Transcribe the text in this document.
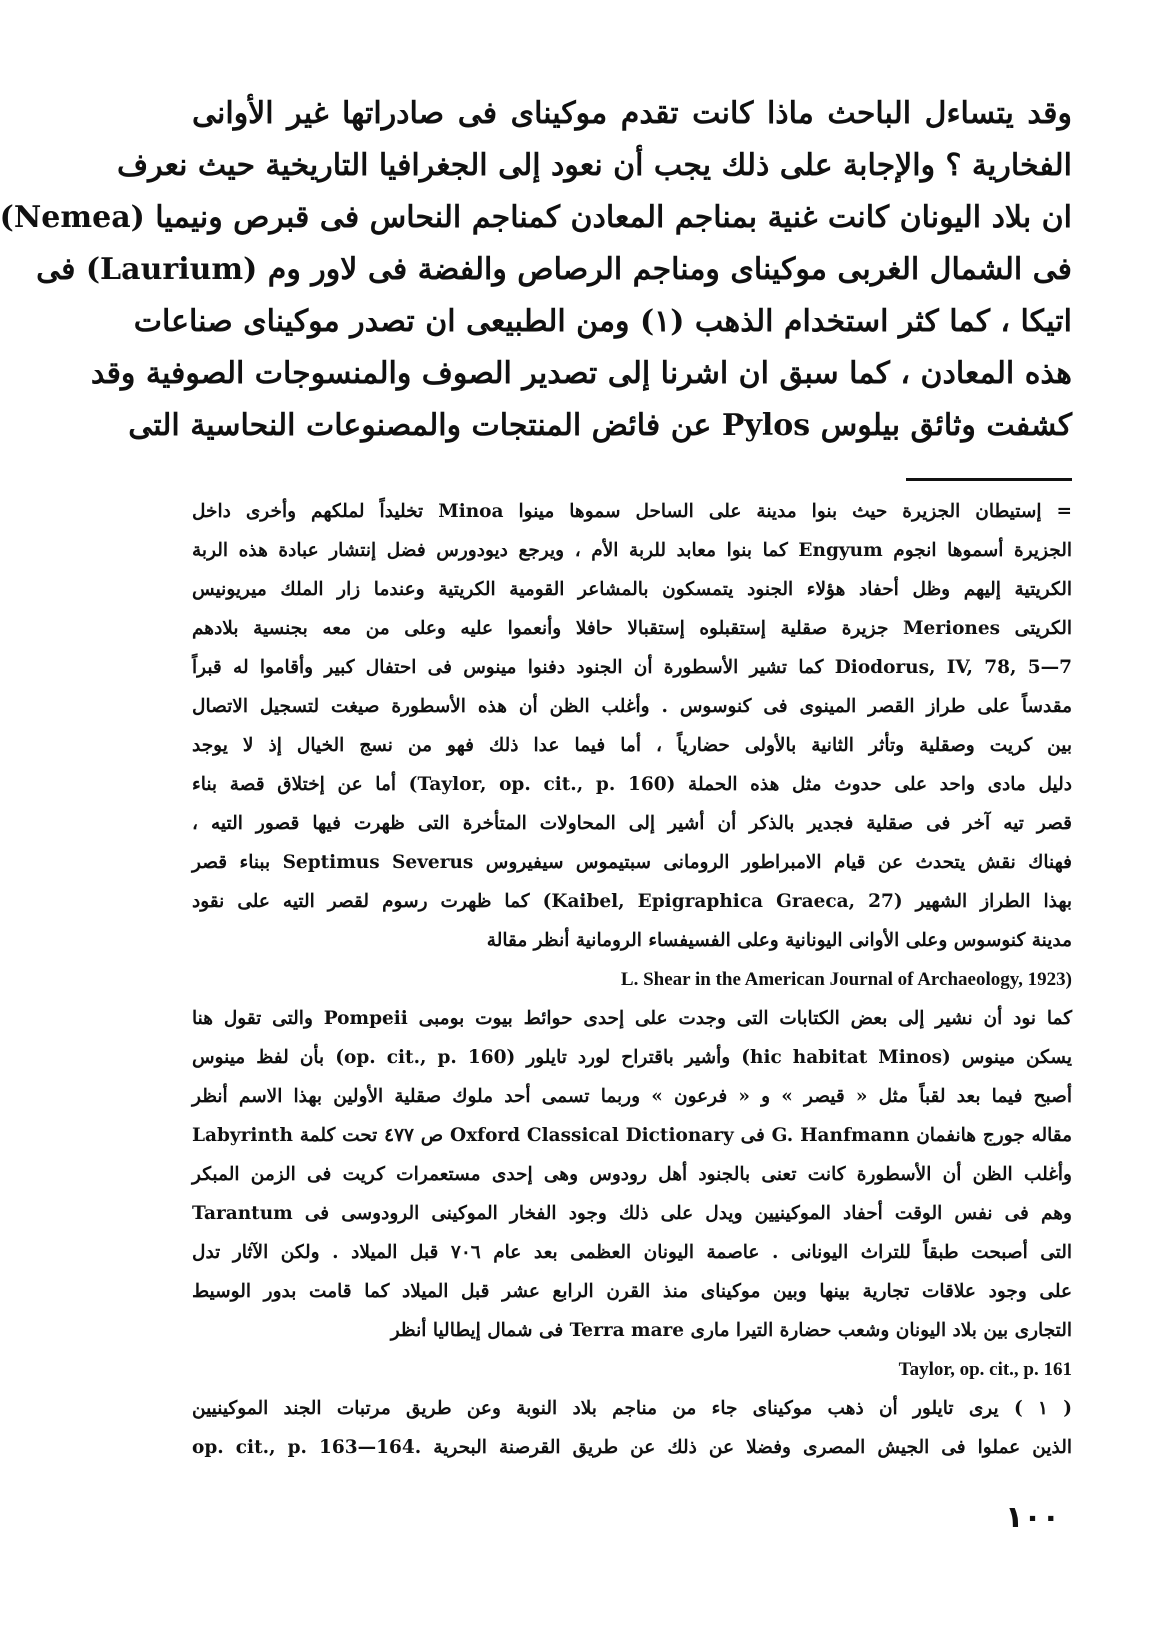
وقد يتساءل الباحث ماذا كانت تقدم موكيناى فى صادراتها غير الأوانى
الفخارية ؟ والإجابة على ذلك يجب أن نعود إلى الجغرافيا التاريخية حيث نعرف
ان بلاد اليونان كانت غنية بمناجم المعادن كمناجم النحاس فى قبرص ونيميا (Nemea)
فى الشمال الغربى موكيناى ومناجم الرصاص والفضة فى لاور وم (Laurium) فى
اتيكا ، كما كثر استخدام الذهب (١) ومن الطبيعى ان تصدر موكيناى صناعات
هذه المعادن ، كما سبق ان اشرنا إلى تصدير الصوف والمنسوجات الصوفية وقد
كشفت وثائق بيلوس Pylos عن فائض المنتجات والمصنوعات النحاسية التى
= إستيطان الجزيرة حيث بنوا مدينة على الساحل سموها مينوا Minoa تخليداً لملكهم وأخرى داخل
الجزيرة أسموها انجوم Engyum كما بنوا معابد للربة الأم ، ويرجع ديودورس فضل إنتشار عبادة هذه الربة
الكريتية إليهم وظل أحفاد هؤلاء الجنود يتمسكون بالمشاعر القومية الكريتية وعندما زار الملك ميريونيس
الكريتى Meriones جزيرة صقلية إستقبلوه إستقبالا حافلا وأنعموا عليه وعلى من معه بجنسية بلادهم
Diodorus, IV, 78, 5—7 كما تشير الأسطورة أن الجنود دفنوا مينوس فى احتفال كبير وأقاموا له قبراً
مقدساً على طراز القصر المينوى فى كنوسوس . وأغلب الظن أن هذه الأسطورة صيغت لتسجيل الاتصال
بين كريت وصقلية وتأثر الثانية بالأولى حضارياً ، أما فيما عدا ذلك فهو من نسج الخيال إذ لا يوجد
دليل مادى واحد على حدوث مثل هذه الحملة (Taylor, op. cit., p. 160) أما عن إختلاق قصة بناء
قصر تيه آخر فى صقلية فجدير بالذكر أن أشير إلى المحاولات المتأخرة التى ظهرت فيها قصور التيه ،
فهناك نقش يتحدث عن قيام الامبراطور الرومانى سبتيموس سيفيروس Septimus Severus ببناء قصر
بهذا الطراز الشهير (Kaibel, Epigraphica Graeca, 27) كما ظهرت رسوم لقصر التيه على نقود
مدينة كنوسوس وعلى الأوانى اليونانية وعلى الفسيفساء الرومانية أنظر مقالة
L. Shear in the American Journal of Archaeology, 1923)
كما نود أن نشير إلى بعض الكتابات التى وجدت على إحدى حوائط بيوت بومبى Pompeii والتى تقول هنا
يسكن مينوس (hic habitat Minos) وأشير باقتراح لورد تايلور (op. cit., p. 160) بأن لفظ مينوس
أصبح فيما بعد لقباً مثل « قيصر » و « فرعون » وربما تسمى أحد ملوك صقلية الأولين بهذا الاسم أنظر
مقاله جورج هانفمان G. Hanfmann فى Oxford Classical Dictionary ص ٤٧٧ تحت كلمة Labyrinth
وأغلب الظن أن الأسطورة كانت تعنى بالجنود أهل رودوس وهى إحدى مستعمرات كريت فى الزمن المبكر
وهم فى نفس الوقت أحفاد الموكينيين ويدل على ذلك وجود الفخار الموكينى الرودوسى فى Tarantum
التى أصبحت طبقاً للتراث اليونانى . عاصمة اليونان العظمى بعد عام ٧٠٦ قبل الميلاد . ولكن الآثار تدل
على وجود علاقات تجارية بينها وبين موكيناى منذ القرن الرابع عشر قبل الميلاد كما قامت بدور الوسيط
التجارى بين بلاد اليونان وشعب حضارة التيرا مارى Terra mare فى شمال إيطاليا أنظر
Taylor, op. cit., p. 161
( ١ ) يرى تايلور أن ذهب موكيناى جاء من مناجم بلاد النوبة وعن طريق مرتبات الجند الموكينيين
الذين عملوا فى الجيش المصرى وفضلا عن ذلك عن طريق القرصنة البحرية .op. cit., p. 163—164
١٠٠
